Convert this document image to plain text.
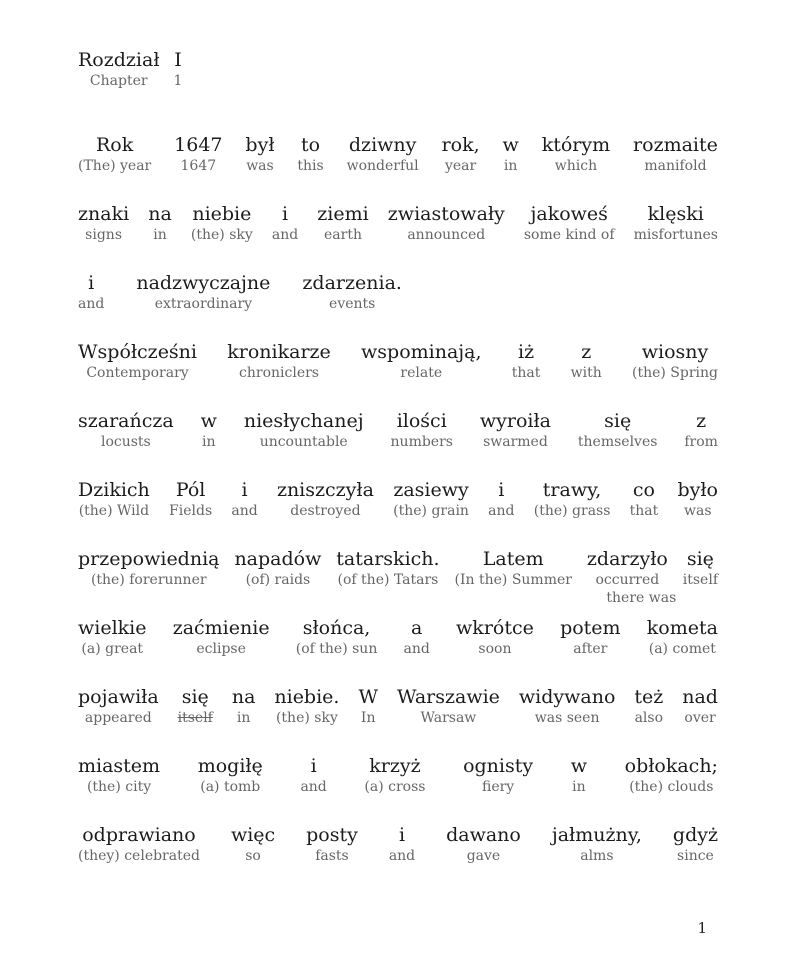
Rozdział
Chapter
I
1
Rok
(The) year
1647
1647
był
was
to
this
dziwny
wonderful
rok,
year
w
in
którym
which
rozmaite
manifold
znaki
signs
na
in
niebie
(the) sky
i
and
ziemi
earth
zwiastowały
announced
jakoweś
some kind of
klęski
misfortunes
i
and
nadzwyczajne
extraordinary
zdarzenia.
events
Współcześni
Contemporary
kronikarze
chroniclers
wspominają,
relate
iż
that
z
with
wiosny
(the) Spring
szarańcza
locusts
w
in
niesłychanej
uncountable
ilości
numbers
wyroiła
swarmed
się
themselves
z
from
Dzikich
(the) Wild
Pól
Fields
i
and
zniszczyła
destroyed
zasiewy
(the) grain
i
and
trawy,
(the) grass
co
that
było
was
przepowiednią
(the) forerunner
napadów
(of) raids
tatarskich.
(of the) Tatars
Latem
(In the) Summer
zdarzyło
occurred
there was
się
itself
wielkie
(a) great
zaćmienie
eclipse
słońca,
(of the) sun
a
and
wkrótce
soon
potem
after
kometa
(a) comet
pojawiła
appeared
się
itself
na
in
niebie.
(the) sky
W
In
Warszawie
Warsaw
widywano
was seen
też
also
nad
over
miastem
(the) city
mogiłę
(a) tomb
i
and
krzyż
(a) cross
ognisty
fiery
w
in
obłokach;
(the) clouds
odprawiano
(they) celebrated
więc
so
posty
fasts
i
and
dawano
gave
jałmużny,
alms
gdyż
since
1
